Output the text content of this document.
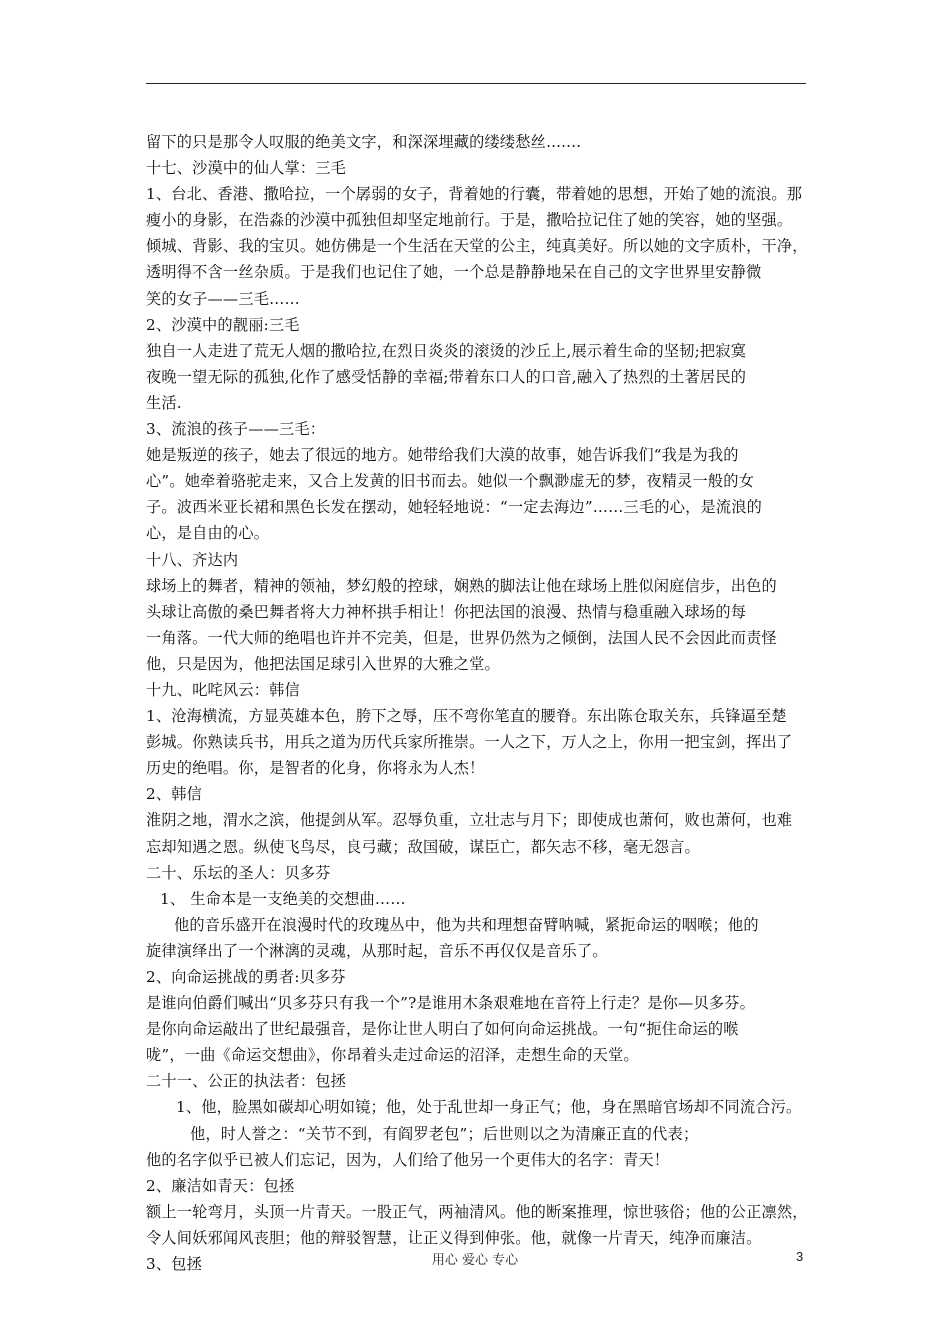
留下的只是那令人叹服的绝美文字，和深深埋藏的缕缕愁丝.......
十七、沙漠中的仙人掌：三毛
1、台北、香港、撒哈拉，一个孱弱的女子，背着她的行囊，带着她的思想，开始了她的流浪。那
瘦小的身影，在浩淼的沙漠中孤独但却坚定地前行。于是，撒哈拉记住了她的笑容，她的坚强。
倾城、背影、我的宝贝。她仿佛是一个生活在天堂的公主，纯真美好。所以她的文字质朴，干净，
透明得不含一丝杂质。于是我们也记住了她，一个总是静静地呆在自己的文字世界里安静微
笑的女子——三毛……
2、沙漠中的靓丽:三毛
独自一人走进了荒无人烟的撒哈拉,在烈日炎炎的滚烫的沙丘上,展示着生命的坚韧;把寂寞
夜晚一望无际的孤独,化作了感受恬静的幸福;带着东口人的口音,融入了热烈的土著居民的
生活.
3、流浪的孩子——三毛：
她是叛逆的孩子，她去了很远的地方。她带给我们大漠的故事，她告诉我们“我是为我的
心”。她牵着骆驼走来，又合上发黄的旧书而去。她似一个飘渺虚无的梦，夜精灵一般的女
子。波西米亚长裙和黑色长发在摆动，她轻轻地说：“一定去海边”……三毛的心，是流浪的
心，是自由的心。
十八、齐达内
球场上的舞者，精神的领袖，梦幻般的控球，娴熟的脚法让他在球场上胜似闲庭信步，出色的
头球让高傲的桑巴舞者将大力神杯拱手相让！你把法国的浪漫、热情与稳重融入球场的每
一角落。一代大师的绝唱也许并不完美，但是，世界仍然为之倾倒，法国人民不会因此而责怪
他，只是因为，他把法国足球引入世界的大雅之堂。
十九、叱咤风云：韩信
1、沧海横流，方显英雄本色，胯下之辱，压不弯你笔直的腰脊。东出陈仓取关东，兵锋逼至楚
彭城。你熟读兵书，用兵之道为历代兵家所推崇。一人之下，万人之上，你用一把宝剑，挥出了
历史的绝唱。你，是智者的化身，你将永为人杰！
2、韩信
淮阴之地，渭水之滨，他提剑从军。忍辱负重，立壮志与月下；即使成也萧何，败也萧何，也难
忘却知遇之恩。纵使飞鸟尽，良弓藏；敌国破，谋臣亡，都矢志不移，毫无怨言。
二十、乐坛的圣人：贝多芬
1、 生命本是一支绝美的交想曲……
他的音乐盛开在浪漫时代的玫瑰丛中，他为共和理想奋臂呐喊，紧扼命运的咽喉；他的
旋律演绎出了一个淋漓的灵魂，从那时起，音乐不再仅仅是音乐了。
2、向命运挑战的勇者:贝多芬
是谁向伯爵们喊出“贝多芬只有我一个”?是谁用木条艰难地在音符上行走？是你—贝多芬。
是你向命运敲出了世纪最强音，是你让世人明白了如何向命运挑战。一句“扼住命运的喉
咙”，一曲《命运交想曲》，你昂着头走过命运的沼泽，走想生命的天堂。
二十一、公正的执法者：包拯
1、他，脸黑如碳却心明如镜；他，处于乱世却一身正气；他，身在黑暗官场却不同流合污。
他，时人誉之：“关节不到，有阎罗老包”；后世则以之为清廉正直的代表；
他的名字似乎已被人们忘记，因为，人们给了他另一个更伟大的名字：青天！
2、廉洁如青天：包拯
额上一轮弯月，头顶一片青天。一股正气，两袖清风。他的断案推理，惊世骇俗；他的公正凛然，
令人间妖邪闻风丧胆；他的辩驳智慧，让正义得到伸张。他，就像一片青天，纯净而廉洁。
3、包拯	用心 爱心 专心	3
